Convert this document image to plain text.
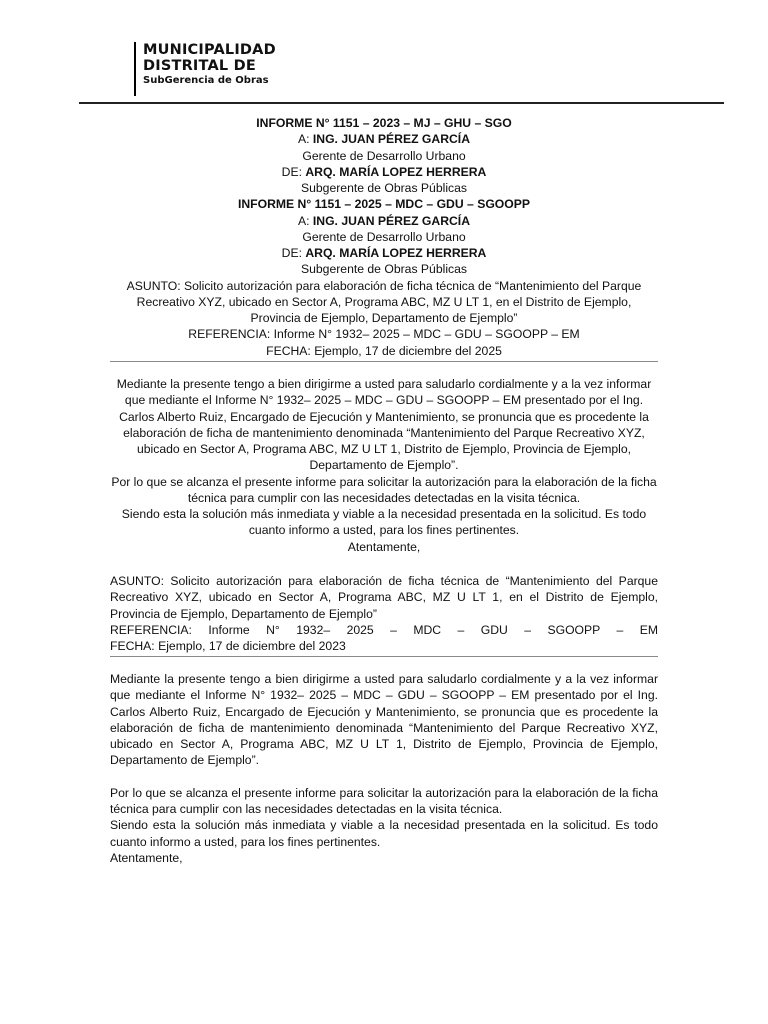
MUNICIPALIDAD
DISTRITAL DE
SubGerencia de Obras
INFORME N° 1151 – 2023 – MJ – GHU – SGO
A: ING. JUAN PÉREZ GARCÍA
Gerente de Desarrollo Urbano
DE: ARQ. MARÍA LOPEZ HERRERA
Subgerente de Obras Públicas
INFORME N° 1151 – 2025 – MDC – GDU – SGOOPP
A: ING. JUAN PÉREZ GARCÍA
Gerente de Desarrollo Urbano
DE: ARQ. MARÍA LOPEZ HERRERA
Subgerente de Obras Públicas
ASUNTO: Solicito autorización para elaboración de ficha técnica de “Mantenimiento del Parque Recreativo XYZ, ubicado en Sector A, Programa ABC, MZ U LT 1, en el Distrito de Ejemplo, Provincia de Ejemplo, Departamento de Ejemplo”
REFERENCIA: Informe N° 1932– 2025 – MDC – GDU – SGOOPP – EM
FECHA: Ejemplo, 17 de diciembre del 2025
Mediante la presente tengo a bien dirigirme a usted para saludarlo cordialmente y a la vez informar que mediante el Informe N° 1932– 2025 – MDC – GDU – SGOOPP – EM presentado por el Ing. Carlos Alberto Ruiz, Encargado de Ejecución y Mantenimiento, se pronuncia que es procedente la elaboración de ficha de mantenimiento denominada “Mantenimiento del Parque Recreativo XYZ, ubicado en Sector A, Programa ABC, MZ U LT 1, Distrito de Ejemplo, Provincia de Ejemplo, Departamento de Ejemplo”.
Por lo que se alcanza el presente informe para solicitar la autorización para la elaboración de la ficha técnica para cumplir con las necesidades detectadas en la visita técnica.
Siendo esta la solución más inmediata y viable a la necesidad presentada en la solicitud. Es todo cuanto informo a usted, para los fines pertinentes.
Atentamente,
ASUNTO: Solicito autorización para elaboración de ficha técnica de “Mantenimiento del Parque Recreativo XYZ, ubicado en Sector A, Programa ABC, MZ U LT 1, en el Distrito de Ejemplo, Provincia de Ejemplo, Departamento de Ejemplo”
REFERENCIA: Informe N° 1932– 2025 – MDC – GDU – SGOOPP – EM
FECHA: Ejemplo, 17 de diciembre del 2023

Mediante la presente tengo a bien dirigirme a usted para saludarlo cordialmente y a la vez informar que mediante el Informe N° 1932– 2025 – MDC – GDU – SGOOPP – EM presentado por el Ing. Carlos Alberto Ruiz, Encargado de Ejecución y Mantenimiento, se pronuncia que es procedente la elaboración de ficha de mantenimiento denominada “Mantenimiento del Parque Recreativo XYZ, ubicado en Sector A, Programa ABC, MZ U LT 1, Distrito de Ejemplo, Provincia de Ejemplo, Departamento de Ejemplo”.

Por lo que se alcanza el presente informe para solicitar la autorización para la elaboración de la ficha técnica para cumplir con las necesidades detectadas en la visita técnica.

Siendo esta la solución más inmediata y viable a la necesidad presentada en la solicitud. Es todo cuanto informo a usted, para los fines pertinentes.

Atentamente,
